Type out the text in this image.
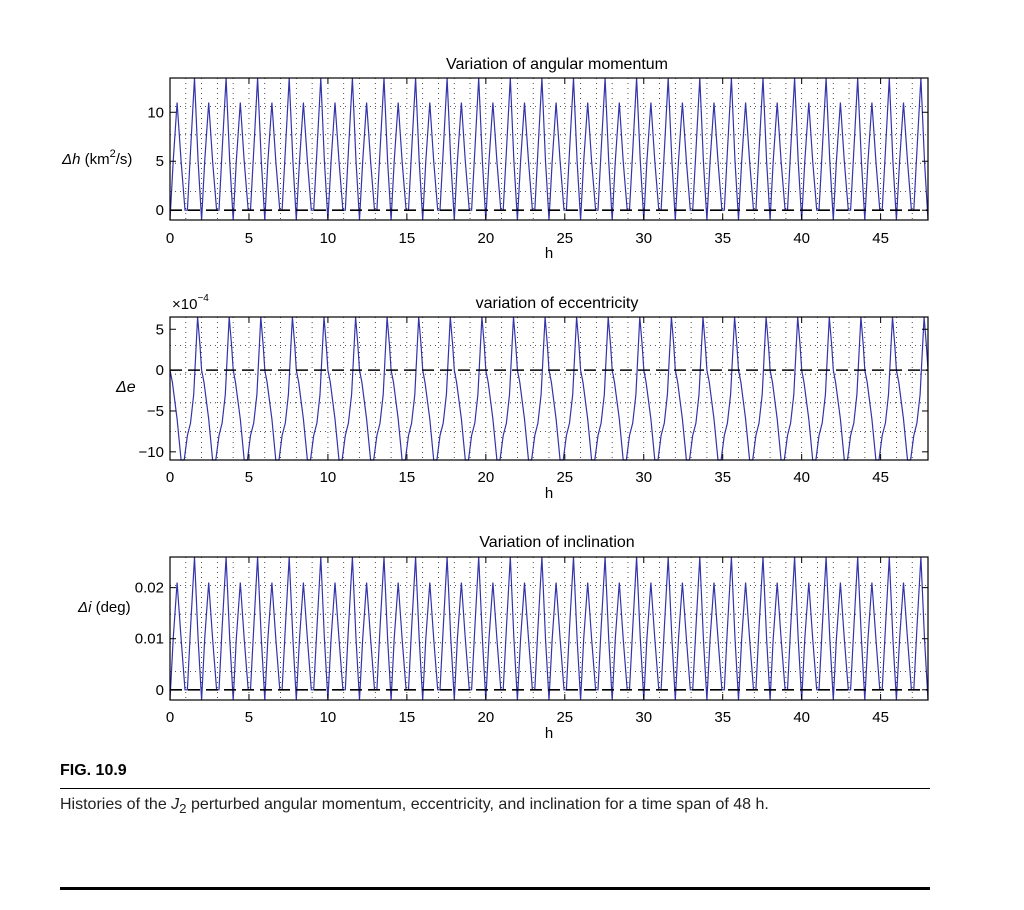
0	5	10	15	20	25	30	35	40	45
0
5
10
Variation of angular momentum
h
Δh $(km^2/s)$
0	5	10	15	20	25	30	35	40	45
−10
−5
0
5
variation of eccentricity
h
Δe
$\times 10^{-4}$
0	5	10	15	20	25	30	35	40	45
0
0.01
0.02
Variation of inclination
h
Δi (deg)
FIG. 10.9
Histories of the $J_2$ perturbed angular momentum, eccentricity, and inclination for a time span of 48 h.
